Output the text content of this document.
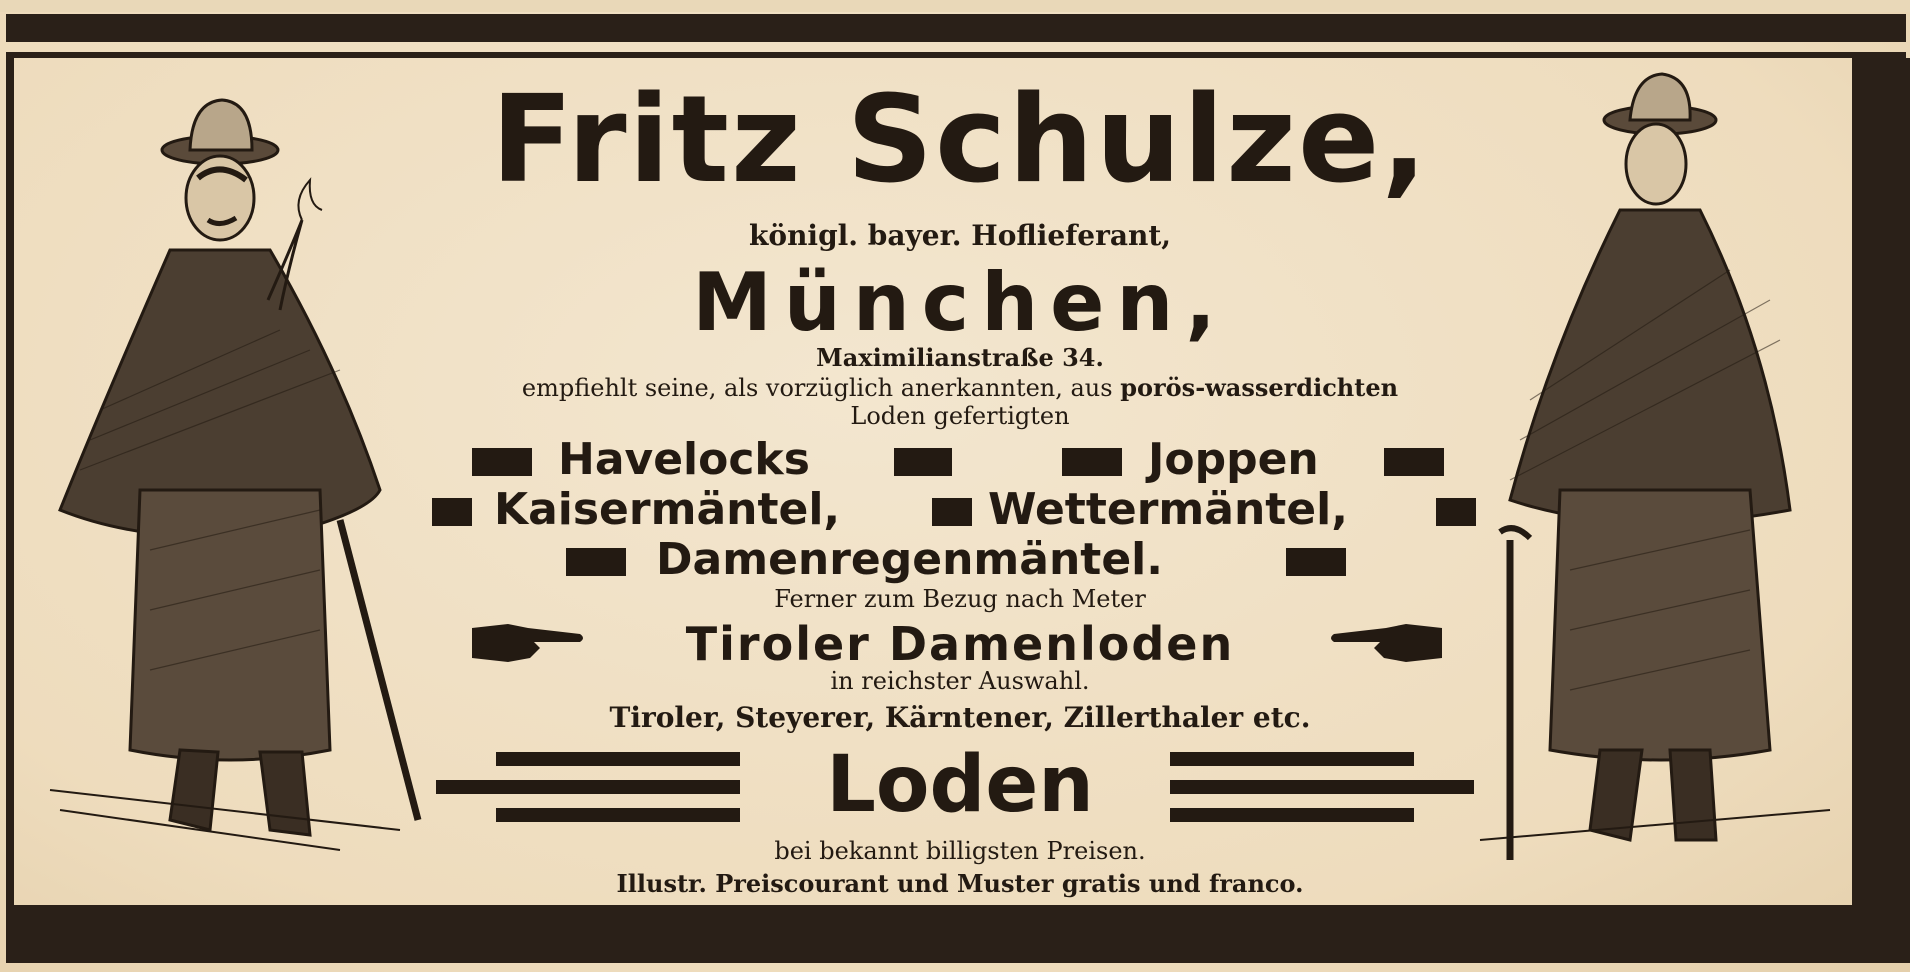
Fritz Schulze,
königl. bayer. Hoflieferant,
München,
Maximilianstraße 34.
empfiehlt seine, als vorzüglich anerkannten, aus porös-wasserdichten
Loden gefertigten
Havelocks	Joppen
Kaisermäntel,	Wettermäntel,
Damenregenmäntel.
Ferner zum Bezug nach Meter
Tiroler Damenloden
in reichster Auswahl.
Tiroler, Steyerer, Kärntener, Zillerthaler etc.
Loden
bei bekannt billigsten Preisen.
Illustr. Preiscourant und Muster gratis und franco.
